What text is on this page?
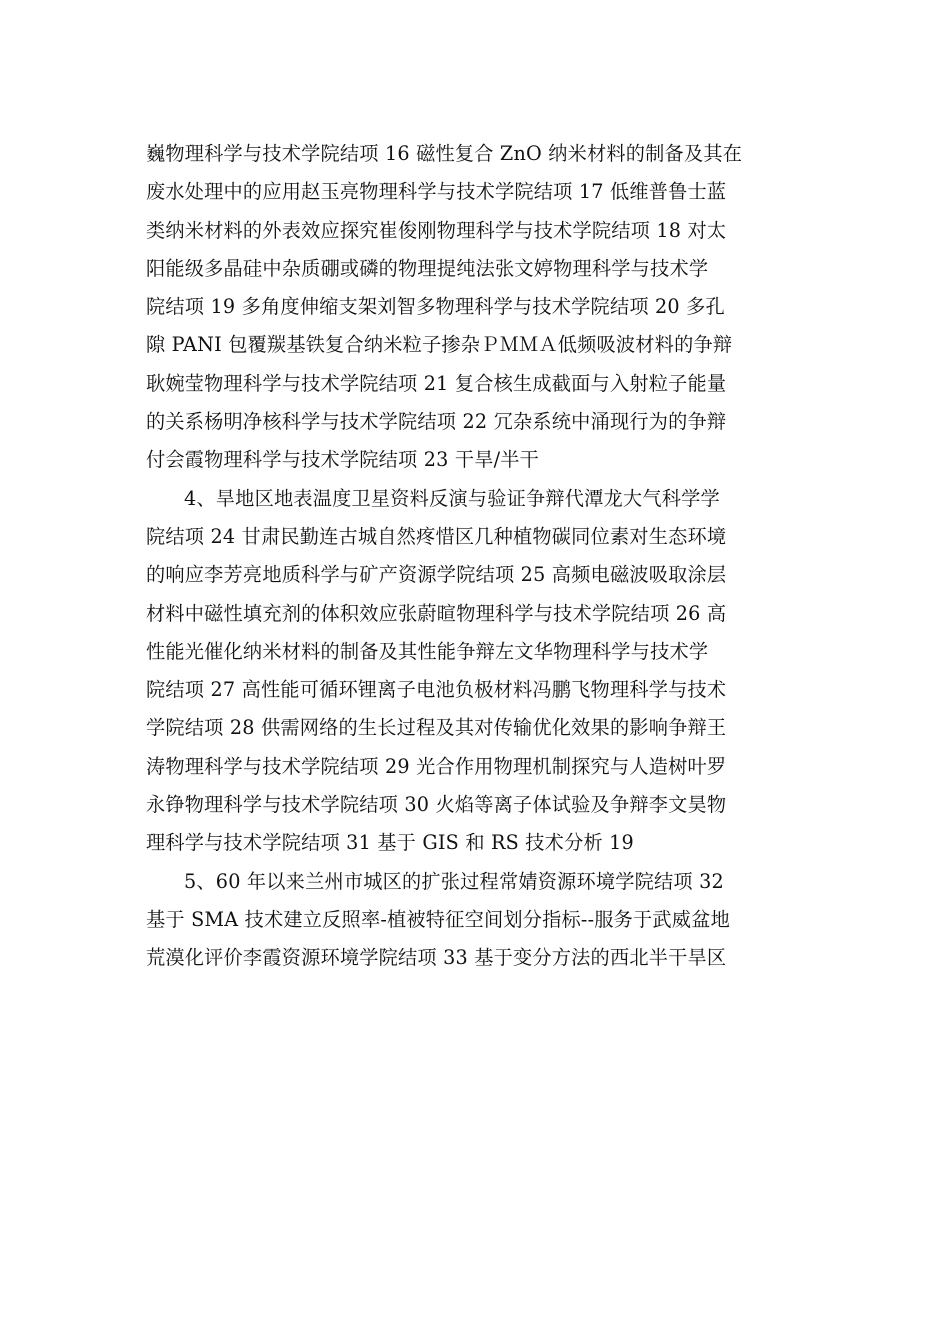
巍物理科学与技术学院结项 16 磁性复合 ZnO 纳米材料的制备及其在
废水处理中的应用赵玉亮物理科学与技术学院结项 17 低维普鲁士蓝
类纳米材料的外表效应探究崔俊刚物理科学与技术学院结项 18 对太
阳能级多晶硅中杂质硼或磷的物理提纯法张文婷物理科学与技术学
院结项 19 多角度伸缩支架刘智多物理科学与技术学院结项 20 多孔
隙 PANI 包覆羰基铁复合纳米粒子掺杂ＰＭＭＡ低频吸波材料的争辩
耿婉莹物理科学与技术学院结项 21 复合核生成截面与入射粒子能量
的关系杨明净核科学与技术学院结项 22 冗杂系统中涌现行为的争辩
付会霞物理科学与技术学院结项 23 干旱/半干
4、旱地区地表温度卫星资料反演与验证争辩代潭龙大气科学学
院结项 24 甘肃民勤连古城自然疼惜区几种植物碳同位素对生态环境
的响应李芳亮地质科学与矿产资源学院结项 25 高频电磁波吸取涂层
材料中磁性填充剂的体积效应张蔚暄物理科学与技术学院结项 26 高
性能光催化纳米材料的制备及其性能争辩左文华物理科学与技术学
院结项 27 高性能可循环锂离子电池负极材料冯鹏飞物理科学与技术
学院结项 28 供需网络的生长过程及其对传输优化效果的影响争辩王
涛物理科学与技术学院结项 29 光合作用物理机制探究与人造树叶罗
永铮物理科学与技术学院结项 30 火焰等离子体试验及争辩李文昊物
理科学与技术学院结项 31 基于 GIS 和 RS 技术分析 19
5、60 年以来兰州市城区的扩张过程常婧资源环境学院结项 32
基于 SMA 技术建立反照率-植被特征空间划分指标--服务于武威盆地
荒漠化评价李霞资源环境学院结项 33 基于变分方法的西北半干旱区
